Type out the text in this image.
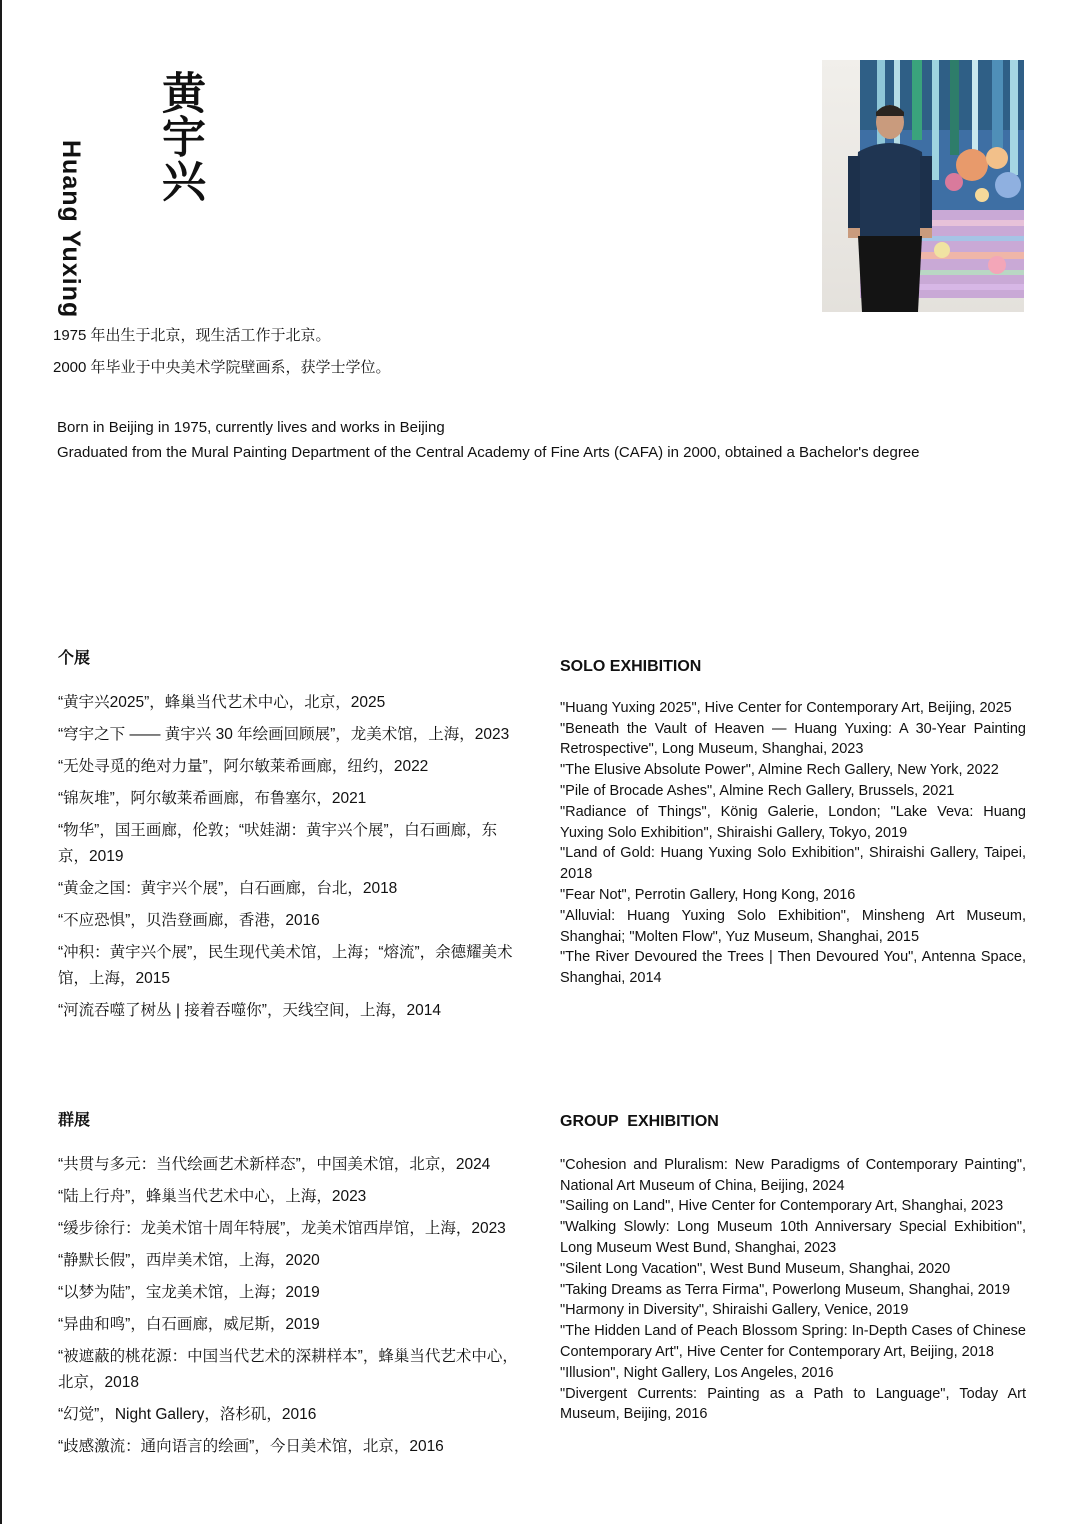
Huang Yuxing
黄宇兴

1975 年出生于北京，现生活工作于北京。

2000 年毕业于中央美术学院壁画系，获学士学位。

Born in Beijing in 1975, currently lives and works in Beijing

Graduated from the Mural Painting Department of the Central Academy of Fine Arts (CAFA) in 2000, obtained a Bachelor's degree

个展

“黄宇兴2025”，蜂巢当代艺术中心，北京，2025
“穹宇之下 —— 黄宇兴 30 年绘画回顾展”，龙美术馆，上海，2023
“无处寻觅的绝对力量”，阿尔敏莱希画廊，纽约，2022
“锦灰堆”，阿尔敏莱希画廊，布鲁塞尔，2021
“物华”，国王画廊，伦敦；“吠娃湖：黄宇兴个展”，白石画廊，东京，2019
“黄金之国：黄宇兴个展”，白石画廊，台北，2018
“不应恐惧”，贝浩登画廊，香港，2016
“冲积：黄宇兴个展”，民生现代美术馆，上海；“熔流”，余德耀美术馆，上海，2015
“河流吞噬了树丛 | 接着吞噬你”，天线空间，上海，2014

SOLO EXHIBITION

"Huang Yuxing 2025", Hive Center for Contemporary Art, Beijing, 2025
"Beneath the Vault of Heaven — Huang Yuxing: A 30-Year Painting Retrospective", Long Museum, Shanghai, 2023
"The Elusive Absolute Power", Almine Rech Gallery, New York, 2022
"Pile of Brocade Ashes", Almine Rech Gallery, Brussels, 2021
"Radiance of Things", König Galerie, London; "Lake Veva: Huang Yuxing Solo Exhibition", Shiraishi Gallery, Tokyo, 2019
"Land of Gold: Huang Yuxing Solo Exhibition", Shiraishi Gallery, Taipei, 2018
"Fear Not", Perrotin Gallery, Hong Kong, 2016
"Alluvial: Huang Yuxing Solo Exhibition", Minsheng Art Museum, Shanghai; "Molten Flow", Yuz Museum, Shanghai, 2015
"The River Devoured the Trees | Then Devoured You", Antenna Space, Shanghai, 2014

群展

“共贯与多元：当代绘画艺术新样态”，中国美术馆，北京，2024
“陆上行舟”，蜂巢当代艺术中心，上海，2023
“缓步徐行：龙美术馆十周年特展”，龙美术馆西岸馆，上海，2023
“静默长假”，西岸美术馆，上海，2020
“以梦为陆”，宝龙美术馆，上海；2019
“异曲和鸣”，白石画廊，威尼斯，2019
“被遮蔽的桃花源：中国当代艺术的深耕样本”，蜂巢当代艺术中心，北京，2018
“幻觉”，Night Gallery，洛杉矶，2016
“歧感激流：通向语言的绘画”，今日美术馆，北京，2016

GROUP  EXHIBITION

"Cohesion and Pluralism: New Paradigms of Contemporary Painting", National Art Museum of China, Beijing, 2024
"Sailing on Land", Hive Center for Contemporary Art, Shanghai, 2023
"Walking Slowly: Long Museum 10th Anniversary Special Exhibition", Long Museum West Bund, Shanghai, 2023
"Silent Long Vacation", West Bund Museum, Shanghai, 2020
"Taking Dreams as Terra Firma", Powerlong Museum, Shanghai, 2019
"Harmony in Diversity", Shiraishi Gallery, Venice, 2019
"The Hidden Land of Peach Blossom Spring: In-Depth Cases of Chinese Contemporary Art", Hive Center for Contemporary Art, Beijing, 2018
"Illusion", Night Gallery, Los Angeles, 2016
"Divergent Currents: Painting as a Path to Language", Today Art Museum, Beijing, 2016
